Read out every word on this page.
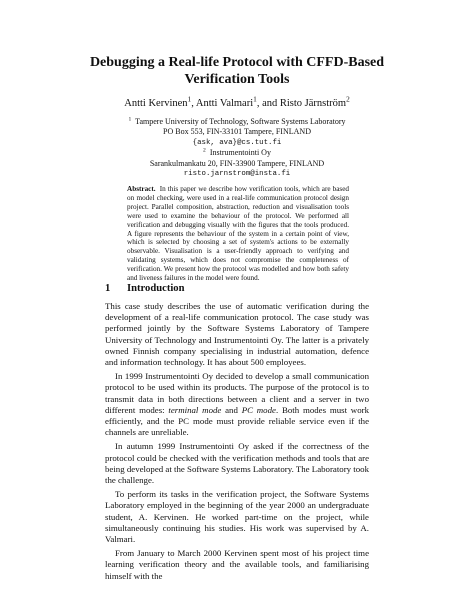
Debugging a Real-life Protocol with CFFD-Based
Verification Tools
Antti Kervinen$^1$, Antti Valmari$^1$, and Risto Järnström$^2$
$^1$ Tampere University of Technology, Software Systems Laboratory
PO Box 553, FIN-33101 Tampere, FINLAND
{ask, ava}@cs.tut.fi
$^2$ Instrumentointi Oy
Sarankulmankatu 20, FIN-33900 Tampere, FINLAND
risto.jarnstrom@insta.fi

Abstract. In this paper we describe how verification tools, which are based on model checking, were used in a real-life communication protocol design project. Parallel composition, abstraction, reduction and visualisation tools were used to examine the behaviour of the protocol. We performed all verification and debugging visually with the figures that the tools produced. A figure represents the behaviour of the system in a certain point of view, which is selected by choosing a set of system's actions to be externally observable. Visualisation is a user-friendly approach to verifying and validating systems, which does not compromise the completeness of verification. We present how the protocol was modelled and how both safety and liveness failures in the model were found.

1 Introduction

This case study describes the use of automatic verification during the development of a real-life communication protocol. The case study was performed jointly by the Software Systems Laboratory of Tampere University of Technology and Instrumentointi Oy. The latter is a privately owned Finnish company specialising in industrial automation, defence and information technology. It has about 500 employees.

In 1999 Instrumentointi Oy decided to develop a small communication protocol to be used within its products. The purpose of the protocol is to transmit data in both directions between a client and a server in two different modes: terminal mode and PC mode. Both modes must work efficiently, and the PC mode must provide reliable service even if the channels are unreliable.

In autumn 1999 Instrumentointi Oy asked if the correctness of the protocol could be checked with the verification methods and tools that are being developed at the Software Systems Laboratory. The Laboratory took the challenge.

To perform its tasks in the verification project, the Software Systems Laboratory employed in the beginning of the year 2000 an undergraduate student, A. Kervinen. He worked part-time on the project, while simultaneously continuing his studies. His work was supervised by A. Valmari.

From January to March 2000 Kervinen spent most of his project time learning verification theory and the available tools, and familiarising himself with the
